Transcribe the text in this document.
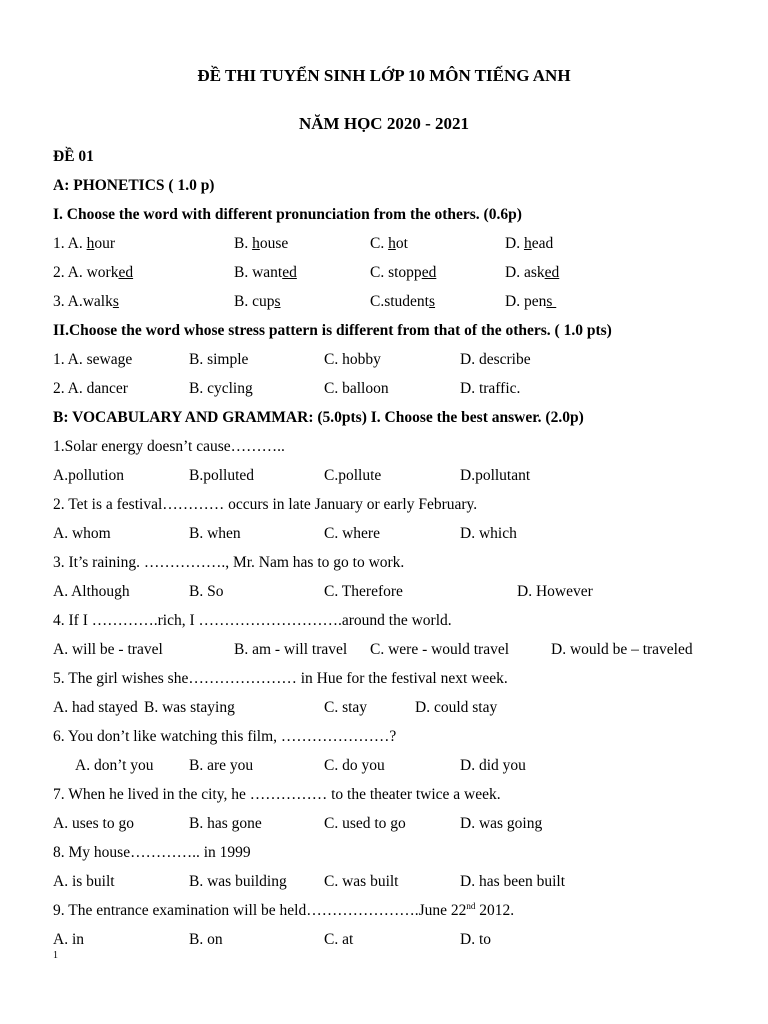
ĐỀ THI TUYỂN SINH LỚP 10 MÔN TIẾNG ANH
NĂM HỌC 2020 - 2021
ĐỀ 01
A: PHONETICS ( 1.0 p)
I. Choose the word with different pronunciation from the others. (0.6p)
1. A. hour	B. house	C. hot	D. head
2. A. worked	B. wanted	C. stopped	D. asked
3. A.walks	B. cups	C.students	D. pens
II.Choose the word whose stress pattern is different from that of the others. ( 1.0 pts)
1. A. sewage	B. simple	C. hobby	D. describe
2. A. dancer	B. cycling	C. balloon	D. traffic.
B: VOCABULARY AND GRAMMAR: (5.0pts) I. Choose the best answer. (2.0p)
1.Solar energy doesn’t cause………..
A.pollution	B.polluted	C.pollute	D.pollutant
2. Tet is a festival………… occurs in late January or early February.
A. whom	B. when	C. where	D. which
3. It’s raining. ……………., Mr. Nam has to go to work.
A. Although	B. So	C. Therefore	D. However
4. If I ………….rich, I ……………………….around the world.
A. will be - travel	B. am - will travel C. were - would travel	D. would be – traveled
5. The girl wishes she………………… in Hue for the festival next week.
A. had stayed B. was staying	C. stay	D. could stay
6. You don’t like watching this film, …………………?
A. don’t you B. are you	C. do you	D. did you
7. When he lived in the city, he …………… to the theater twice a week.
A. uses to go	B. has gone	C. used to go	D. was going
8. My house………….. in 1999
A. is built	B. was building C. was built	D. has been built
9. The entrance examination will be held………………….June 22nd 2012.
A. in	B. on	C. at	D. to
1
